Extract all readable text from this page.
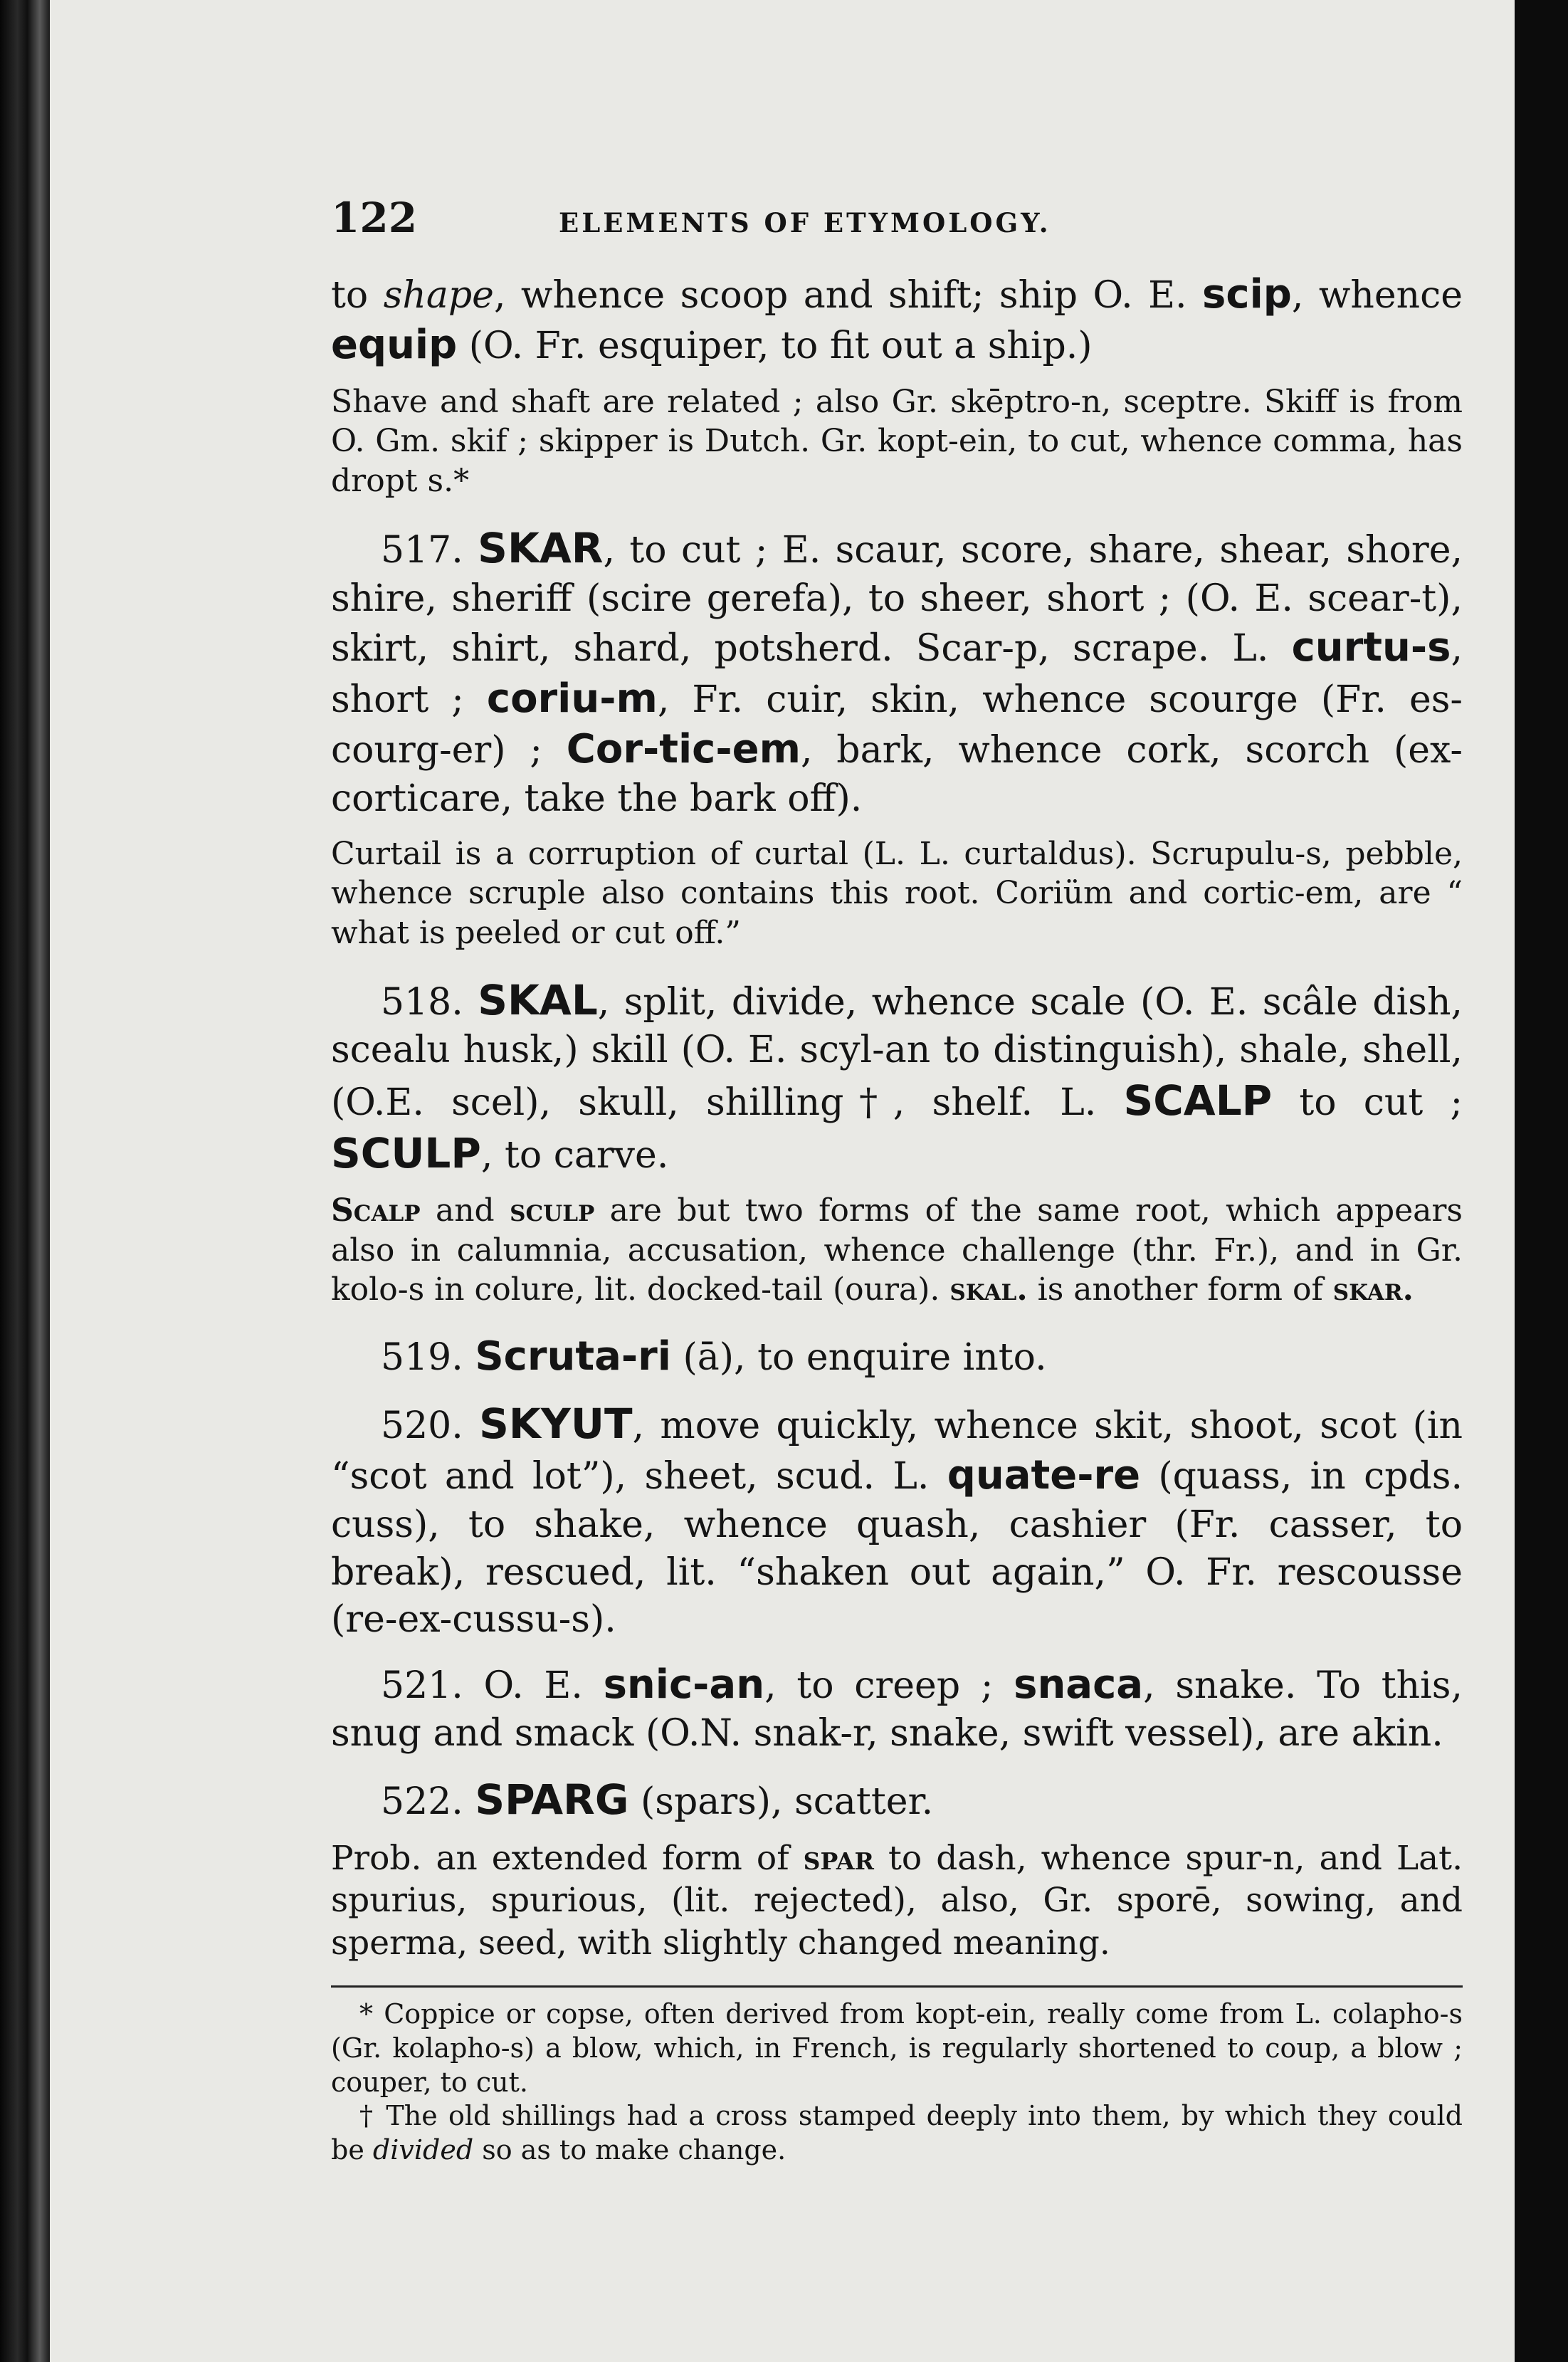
122	ELEMENTS OF ETYMOLOGY.

to shape, whence scoop and shift; ship O. E. scip, whence equip (O. Fr. esquiper, to fit out a ship.)

Shave and shaft are related ; also Gr. skēptro-n, sceptre. Skiff is from O. Gm. skif ; skipper is Dutch. Gr. kopt-ein, to cut, whence comma, has dropt s.*

517. SKAR, to cut ; E. scaur, score, share, shear, shore, shire, sheriff (scire gerefa), to sheer, short ; (O. E. scear-t), skirt, shirt, shard, potsherd. Scar-p, scrape. L. curtu-s, short ; coriu-m, Fr. cuir, skin, whence scourge (Fr. es-courg-er) ; Cor-tic-em, bark, whence cork, scorch (ex-corticare, take the bark off).

Curtail is a corruption of curtal (L. L. curtaldus). Scrupulu-s, pebble, whence scruple also contains this root. Coriüm and cortic-em, are “ what is peeled or cut off.”

518. SKAL, split, divide, whence scale (O. E. scâle dish, scealu husk,) skill (O. E. scyl-an to distinguish), shale, shell, (O.E. scel), skull, shilling†, shelf. L. SCALP to cut ; SCULP, to carve.

Scalp and sculp are but two forms of the same root, which appears also in calumnia, accusation, whence challenge (thr. Fr.), and in Gr. kolo-s in colure, lit. docked-tail (oura). skal. is another form of skar.

519. Scruta-ri (ā), to enquire into.

520. SKYUT, move quickly, whence skit, shoot, scot (in “scot and lot”), sheet, scud. L. quate-re (quass, in cpds. cuss), to shake, whence quash, cashier (Fr. casser, to break), rescued, lit. “shaken out again,” O. Fr. rescousse (re-ex-cussu-s).

521. O. E. snic-an, to creep ; snaca, snake. To this, snug and smack (O.N. snak-r, snake, swift vessel), are akin.

522. SPARG (spars), scatter.

Prob. an extended form of spar to dash, whence spur-n, and Lat. spurius, spurious, (lit. rejected), also, Gr. sporē, sowing, and sperma, seed, with slightly changed meaning.

* Coppice or copse, often derived from kopt-ein, really come from L. colapho-s (Gr. kolapho-s) a blow, which, in French, is regularly shortened to coup, a blow ; couper, to cut.

† The old shillings had a cross stamped deeply into them, by which they could be divided so as to make change.
